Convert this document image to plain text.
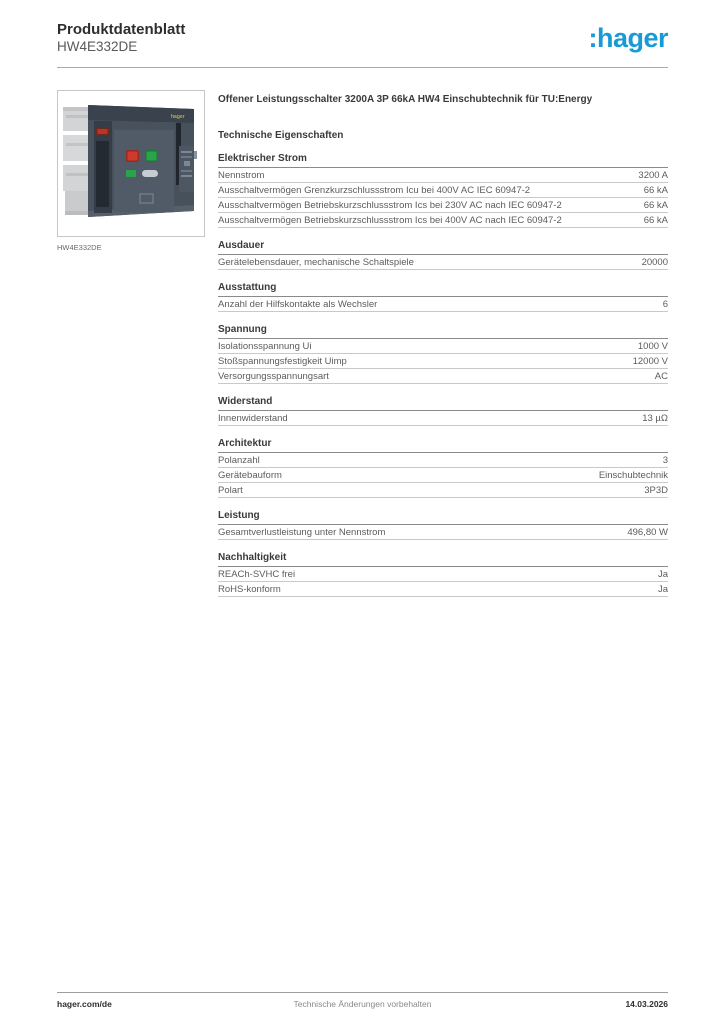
Produktdatenblatt
HW4E332DE	:hager
hager
HW4E332DE
Offener Leistungsschalter 3200A 3P 66kA HW4 Einschubtechnik für TU:Energy
Technische Eigenschaften
Elektrischer Strom
Nennstrom	3200 A
Ausschaltvermögen Grenzkurzschlussstrom Icu bei 400V AC IEC 60947-2	66 kA
Ausschaltvermögen Betriebskurzschlussstrom Ics bei 230V AC nach IEC 60947-2	66 kA
Ausschaltvermögen Betriebskurzschlussstrom Ics bei 400V AC nach IEC 60947-2	66 kA
Ausdauer
Gerätelebensdauer, mechanische Schaltspiele	20000
Ausstattung
Anzahl der Hilfskontakte als Wechsler	6
Spannung
Isolationsspannung Ui	1000 V
Stoßspannungsfestigkeit Uimp	12000 V
Versorgungsspannungsart	AC
Widerstand
Innenwiderstand	13 µΩ
Architektur
Polanzahl	3
Gerätebauform	Einschubtechnik
Polart	3P3D
Leistung
Gesamtverlustleistung unter Nennstrom	496,80 W
Nachhaltigkeit
REACh-SVHC frei	Ja
RoHS-konform	Ja
Technische Änderungen vorbehalten
hager.com/de	14.03.2026
